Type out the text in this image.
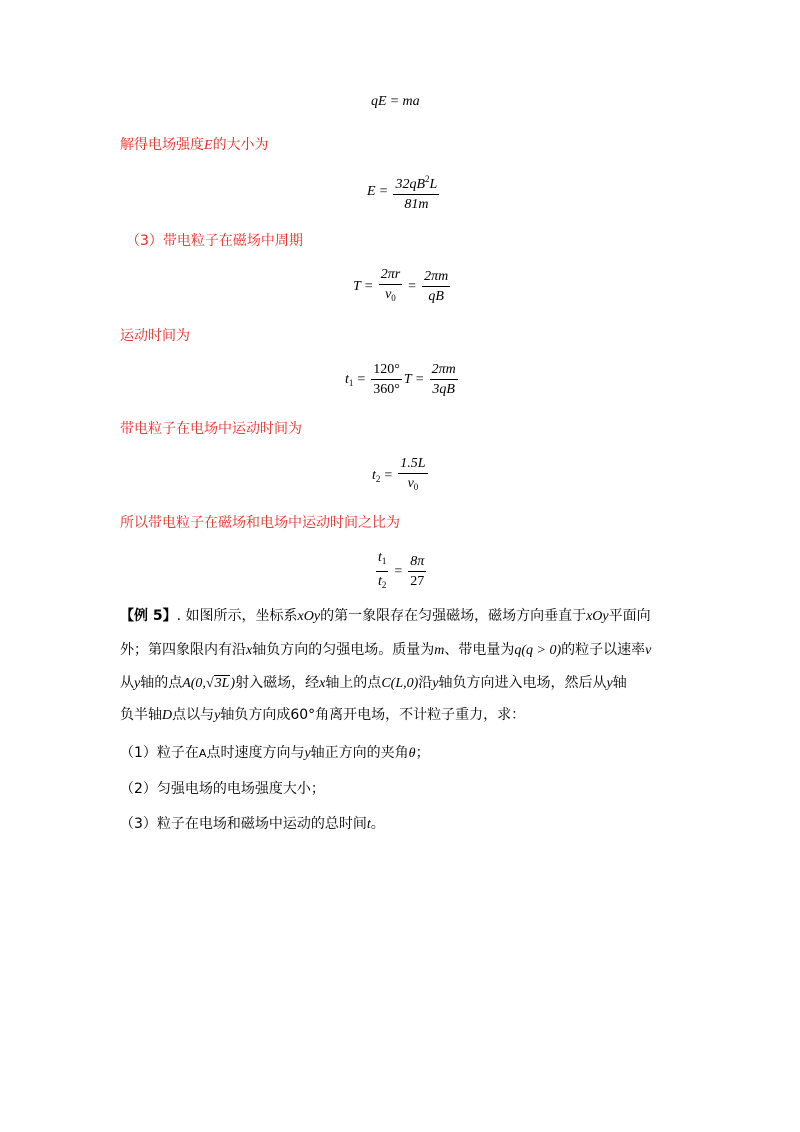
qE = ma
解得电场强度E的大小为
$E = \frac{32qB^2L}{81m}$
（3）带电粒子在磁场中周期
$T = \frac{2\pi r}{v_0} = \frac{2\pi m}{qB}$
运动时间为
$t_1 = \frac{120^\circ}{360^\circ}$ $T = \frac{2\pi m}{3qB}$
带电粒子在电场中运动时间为
$t_2 = \frac{1.5L}{v_0}$
所以带电粒子在磁场和电场中运动时间之比为
$\frac{t_1}{t_2} = \frac{8\pi}{27}$
【例 5】. 如图所示，坐标系xOy的第一象限存在匀强磁场，磁场方向垂直于xOy平面向
外；第四象限内有沿x轴负方向的匀强电场。质量为m、带电量为q(q > 0)的粒子以速率v
从y轴的点A(0,√3L)射入磁场，经x轴上的点C(L,0)沿y轴负方向进入电场，然后从y轴
负半轴D点以与y轴负方向成60°角离开电场，不计粒子重力，求：
（1）粒子在A点时速度方向与y轴正方向的夹角θ；
（2）匀强电场的电场强度大小；
（3）粒子在电场和磁场中运动的总时间t。
